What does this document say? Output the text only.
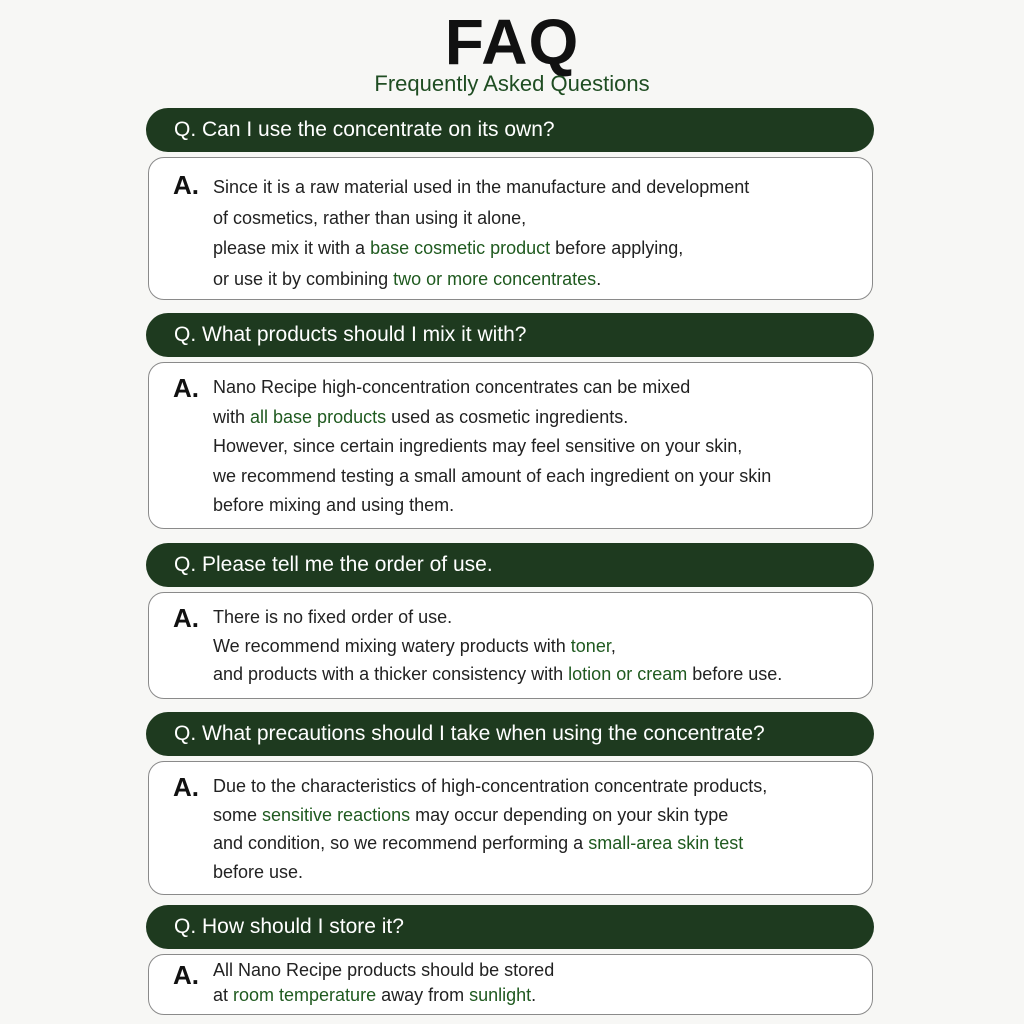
FAQ
Frequently Asked Questions
Q. Can I use the concentrate on its own?
A. Since it is a raw material used in the manufacture and development
of cosmetics, rather than using it alone,
please mix it with a base cosmetic product before applying,
or use it by combining two or more concentrates.
Q. What products should I mix it with?
A. Nano Recipe high-concentration concentrates can be mixed
with all base products used as cosmetic ingredients.
However, since certain ingredients may feel sensitive on your skin,
we recommend testing a small amount of each ingredient on your skin
before mixing and using them.
Q. Please tell me the order of use.
A. There is no fixed order of use.
We recommend mixing watery products with toner,
and products with a thicker consistency with lotion or cream before use.
Q. What precautions should I take when using the concentrate?
A. Due to the characteristics of high-concentration concentrate products,
some sensitive reactions may occur depending on your skin type
and condition, so we recommend performing a small-area skin test
before use.
Q. How should I store it?
A. All Nano Recipe products should be stored
at room temperature away from sunlight.
